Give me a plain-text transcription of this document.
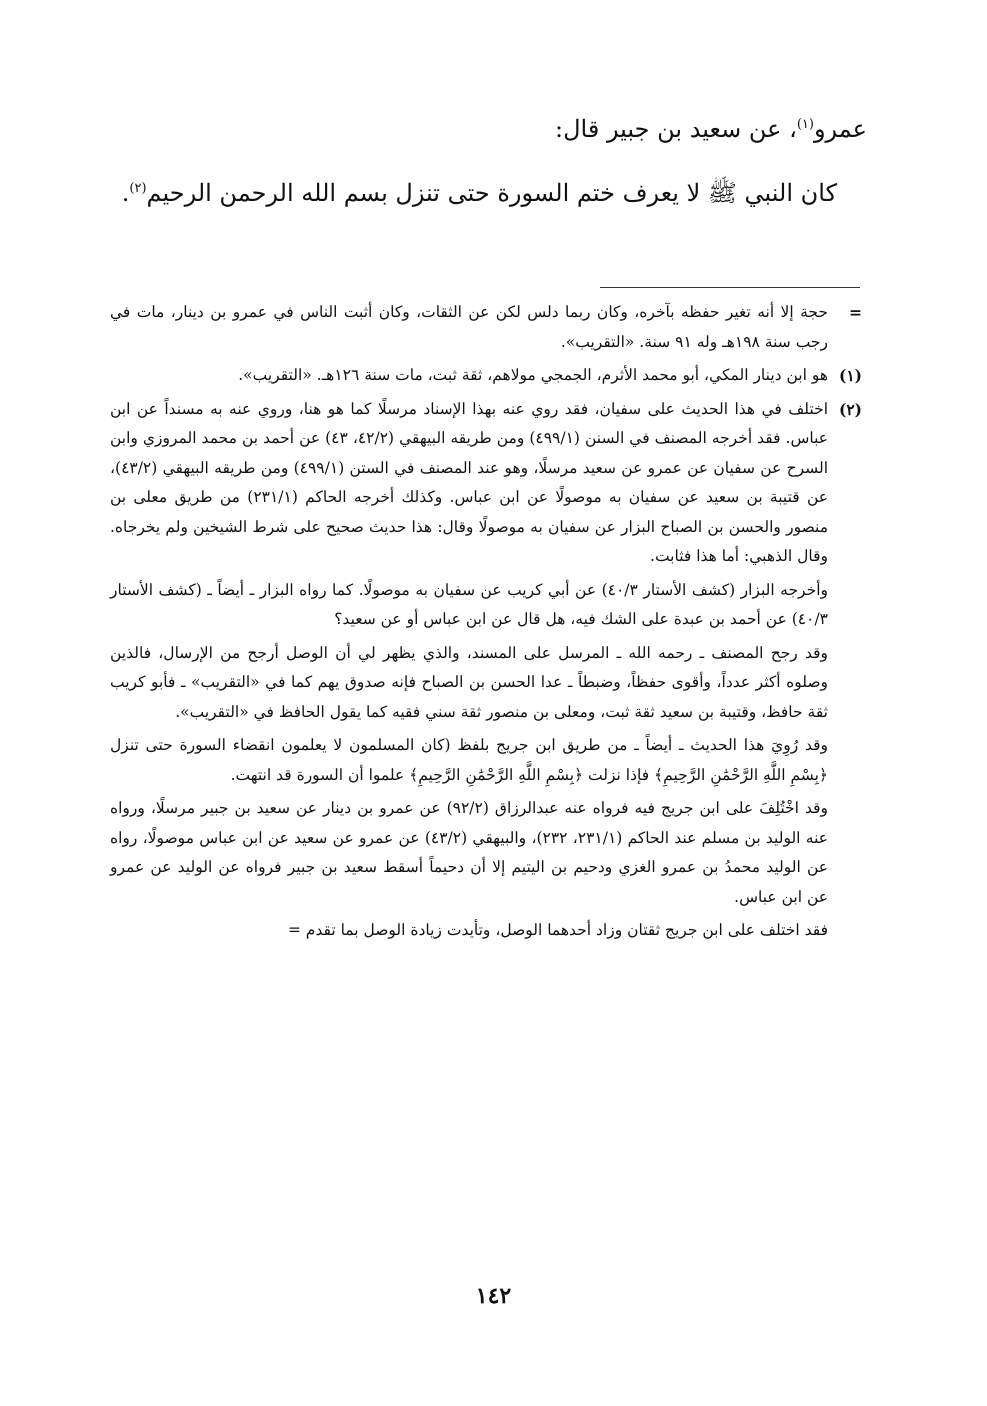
عمرو$^{(١)}$، عن سعيد بن جبير قال:

كان النبي ﷺ لا يعرف ختم السورة حتى تنزل بسم الله الرحمن الرحيم$^{(٢)}$.

=
حجة إلا أنه تغير حفظه بآخره، وكان ربما دلس لكن عن الثقات، وكان أثبت الناس في عمرو بن دينار، مات في رجب سنة ١٩٨هـ وله ٩١ سنة. «التقريب».
(١)
هو ابن دينار المكي، أبو محمد الأثرم، الجمجي مولاهم، ثقة ثبت، مات سنة ١٢٦هـ. «التقريب».
(٢)
اختلف في هذا الحديث على سفيان، فقد روي عنه بهذا الإسناد مرسلًا كما هو هنا، وروي عنه به مسنداً عن ابن عباس. فقد أخرجه المصنف في السنن (٤٩٩/١) ومن طريقه البيهقي (٤٢/٢، ٤٣) عن أحمد بن محمد المروزي وابن السرح عن سفيان عن عمرو عن سعيد مرسلًا، وهو عند المصنف في الستن (٤٩٩/١) ومن طريقه البيهقي (٤٣/٢)، عن قتيبة بن سعيد عن سفيان به موصولًا عن ابن عباس. وكذلك أخرجه الحاكم (٢٣١/١) من طريق معلى بن منصور والحسن بن الصباح البزار عن سفيان به موصولًا وقال: هذا حديث صحيح على شرط الشيخين ولم يخرجاه. وقال الذهبي: أما هذا فثابت.
وأخرجه البزار (كشف الأستار ٤٠/٣) عن أبي كريب عن سفيان به موصولًا. كما رواه البزار ـ أيضاً ـ (كشف الأستار ٤٠/٣) عن أحمد بن عبدة على الشك فيه، هل قال عن ابن عباس أو عن سعيد؟
وقد رجح المصنف ـ رحمه الله ـ المرسل على المسند، والذي يظهر لي أن الوصل أرجح من الإرسال، فالذين وصلوه أكثر عدداً، وأقوى حفظاً، وضبطاً ـ عدا الحسن بن الصباح فإنه صدوق يهم كما في «التقريب» ـ فأبو كريب ثقة حافظ، وقتيبة بن سعيد ثقة ثبت، ومعلى بن منصور ثقة سني فقيه كما يقول الحافظ في «التقريب».
وقد رُوِيَ هذا الحديث ـ أيضاً ـ من طريق ابن جريج بلفظ (كان المسلمون لا يعلمون انقضاء السورة حتى تنزل ﴿بِسْمِ اللَّهِ الرَّحْمَٰنِ الرَّحِيمِ﴾ فإذا نزلت ﴿بِسْمِ اللَّهِ الرَّحْمَٰنِ الرَّحِيمِ﴾ علموا أن السورة قد انتهت.
وقد اخْتُلِفَ على ابن جريج فيه فرواه عنه عبدالرزاق (٩٢/٢) عن عمرو بن دينار عن سعيد بن جبير مرسلًا، ورواه عنه الوليد بن مسلم عند الحاكم (٢٣١/١، ٢٣٢)، والبيهقي (٤٣/٢) عن عمرو عن سعيد عن ابن عباس موصولًا، رواه عن الوليد محمدُ بن عمرو الغزي ودحيم بن اليتيم إلا أن دحيماً أسقط سعيد بن جبير فرواه عن الوليد عن عمرو عن ابن عباس.
فقد اختلف على ابن جريج ثقتان وزاد أحدهما الوصل، وتأيدت زيادة الوصل بما تقدم =
١٤٢
